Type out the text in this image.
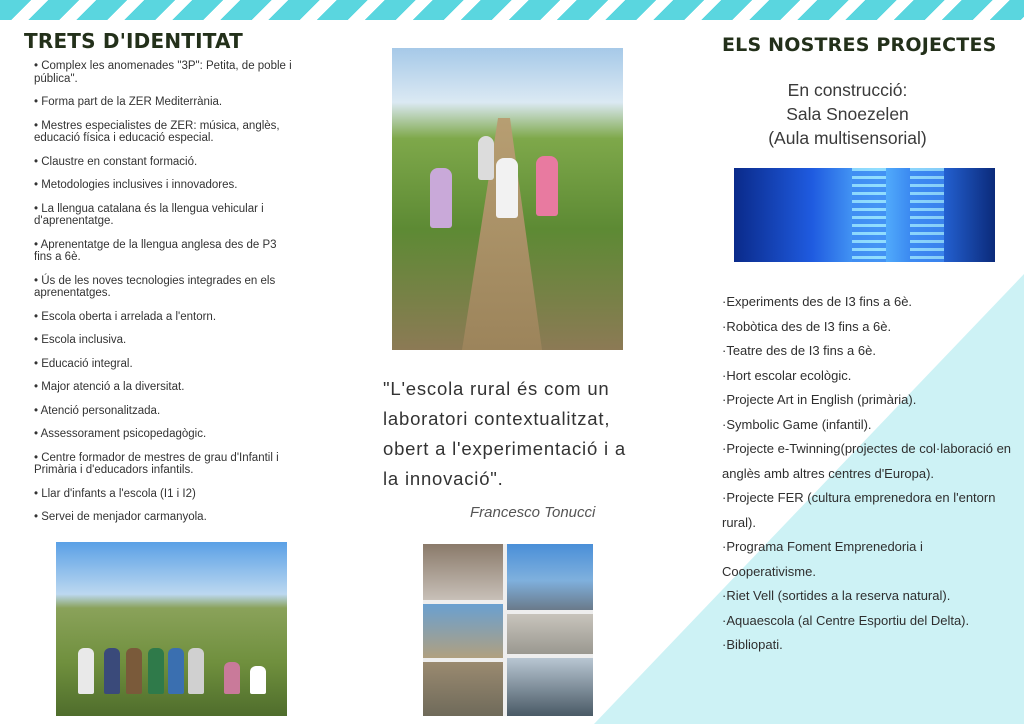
TRETS D'IDENTITAT
• Complex les anomenades "3P": Petita, de poble i pública".
• Forma part de la ZER Mediterrània.
• Mestres especialistes de ZER: música, anglès, educació física i educació especial.
• Claustre en constant formació.
• Metodologies inclusives i innovadores.
• La llengua catalana és la llengua vehicular i d'aprenentatge.
• Aprenentatge de la llengua anglesa des de P3 fins a 6è.
• Ús de les noves tecnologies integrades en els aprenentatges.
• Escola oberta i arrelada a l'entorn.
• Escola inclusiva.
• Educació integral.
• Major atenció a la diversitat.
• Atenció personalitzada.
• Assessorament psicopedagògic.
• Centre formador de mestres de grau d'Infantil i Primària i d'educadors infantils.
• Llar d'infants a l'escola (I1 i I2)
• Servei de menjador carmanyola.

"L'escola rural és com un laboratori contextualitzat, obert a l'experimentació i a la innovació".

Francesco Tonucci

ELS NOSTRES PROJECTES
En construcció:
Sala Snoezelen
(Aula multisensorial)
·Experiments des de I3 fins a 6è.
·Robòtica des de I3 fins a 6è.
·Teatre des de I3 fins a 6è.
·Hort escolar ecològic.
·Projecte Art in English (primària).
·Symbolic Game (infantil).
·Projecte e-Twinning(projectes de col·laboració en anglès amb altres centres d'Europa).
·Projecte FER (cultura emprenedora en l'entorn rural).
·Programa Foment Emprenedoria i Cooperativisme.
·Riet Vell (sortides a la reserva natural).
·Aquaescola (al Centre Esportiu del Delta).
·Bibliopati.
